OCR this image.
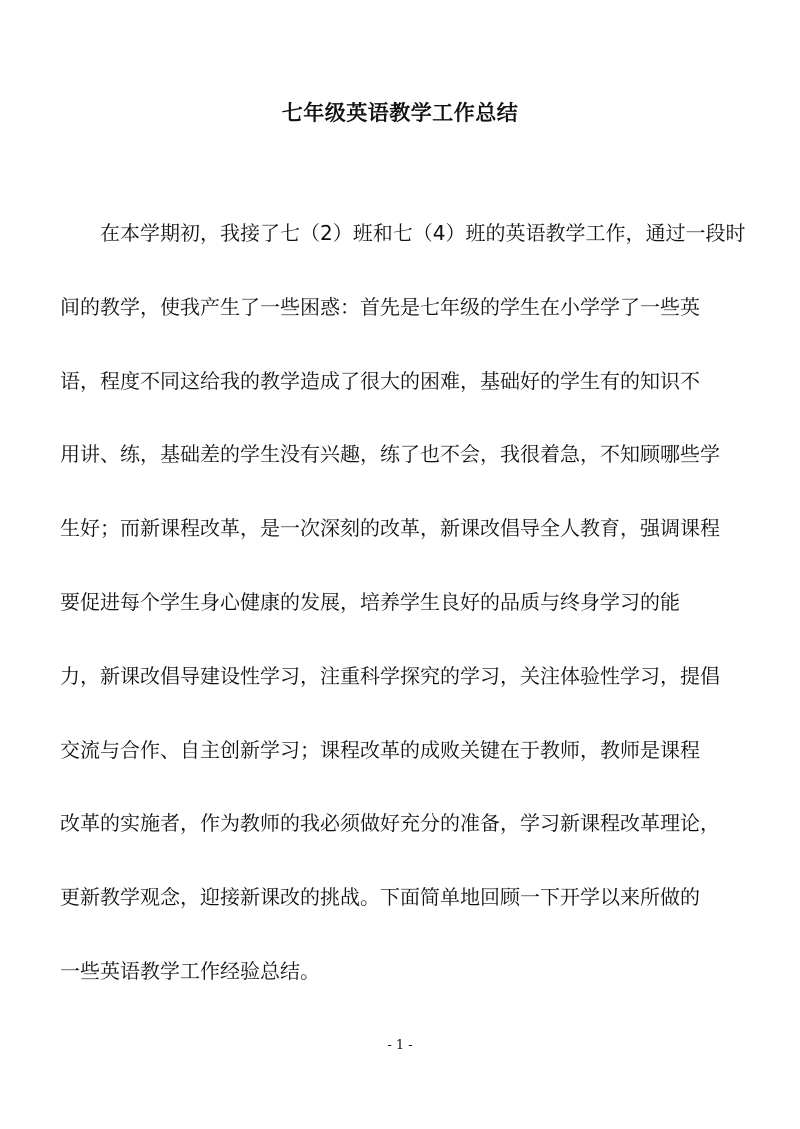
七年级英语教学工作总结
在本学期初，我接了七（2）班和七（4）班的英语教学工作，通过一段时
间的教学，使我产生了一些困惑：首先是七年级的学生在小学学了一些英
语，程度不同这给我的教学造成了很大的困难，基础好的学生有的知识不
用讲、练，基础差的学生没有兴趣，练了也不会，我很着急，不知顾哪些学
生好；而新课程改革，是一次深刻的改革，新课改倡导全人教育，强调课程
要促进每个学生身心健康的发展，培养学生良好的品质与终身学习的能
力，新课改倡导建设性学习，注重科学探究的学习，关注体验性学习，提倡
交流与合作、自主创新学习；课程改革的成败关键在于教师，教师是课程
改革的实施者，作为教师的我必须做好充分的准备，学习新课程改革理论，
更新教学观念，迎接新课改的挑战。下面简单地回顾一下开学以来所做的
一些英语教学工作经验总结。
- 1 -
